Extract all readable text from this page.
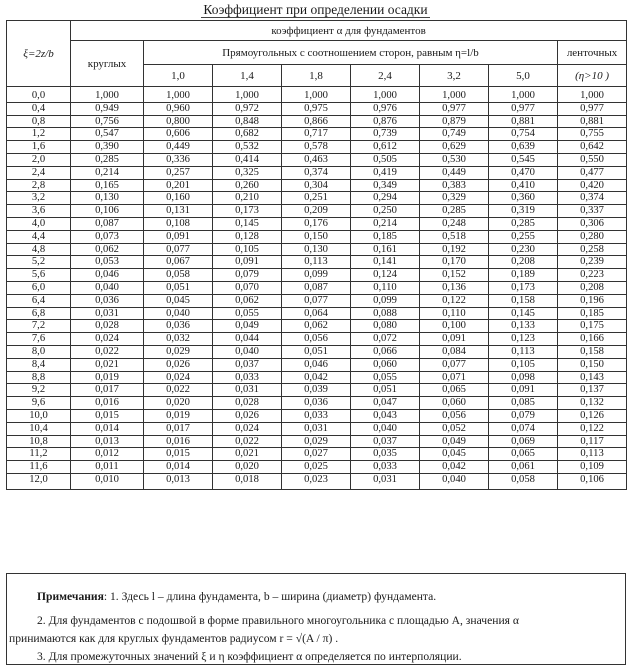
Коэффициент при определении осадки
ξ=2z/b	коэффициент α для фундаментов							
	круглых	Прямоугольных с соотношением сторон, равным η=l/b						ленточных
		1,0	1,4	1,8	2,4	3,2	5,0	(η>10 )
0,0	1,000	1,000	1,000	1,000	1,000	1,000	1,000	1,000
0,4	0,949	0,960	0,972	0,975	0,976	0,977	0,977	0,977
0,8	0,756	0,800	0,848	0,866	0,876	0,879	0,881	0,881
1,2	0,547	0,606	0,682	0,717	0,739	0,749	0,754	0,755
1,6	0,390	0,449	0,532	0,578	0,612	0,629	0,639	0,642
2,0	0,285	0,336	0,414	0,463	0,505	0,530	0,545	0,550
2,4	0,214	0,257	0,325	0,374	0,419	0,449	0,470	0,477
2,8	0,165	0,201	0,260	0,304	0,349	0,383	0,410	0,420
3,2	0,130	0,160	0,210	0,251	0,294	0,329	0,360	0,374
3,6	0,106	0,131	0,173	0,209	0,250	0,285	0,319	0,337
4,0	0,087	0,108	0,145	0,176	0,214	0,248	0,285	0,306
4,4	0,073	0,091	0,128	0,150	0,185	0,518	0,255	0,280
4,8	0,062	0,077	0,105	0,130	0,161	0,192	0,230	0,258
5,2	0,053	0,067	0,091	0,113	0,141	0,170	0,208	0,239
5,6	0,046	0,058	0,079	0,099	0,124	0,152	0,189	0,223
6,0	0,040	0,051	0,070	0,087	0,110	0,136	0,173	0,208
6,4	0,036	0,045	0,062	0,077	0,099	0,122	0,158	0,196
6,8	0,031	0,040	0,055	0,064	0,088	0,110	0,145	0,185
7,2	0,028	0,036	0,049	0,062	0,080	0,100	0,133	0,175
7,6	0,024	0,032	0,044	0,056	0,072	0,091	0,123	0,166
8,0	0,022	0,029	0,040	0,051	0,066	0,084	0,113	0,158
8,4	0,021	0,026	0,037	0,046	0,060	0,077	0,105	0,150
8,8	0,019	0,024	0,033	0,042	0,055	0,071	0,098	0,143
9,2	0,017	0,022	0,031	0,039	0,051	0,065	0,091	0,137
9,6	0,016	0,020	0,028	0,036	0,047	0,060	0,085	0,132
10,0	0,015	0,019	0,026	0,033	0,043	0,056	0,079	0,126
10,4	0,014	0,017	0,024	0,031	0,040	0,052	0,074	0,122
10,8	0,013	0,016	0,022	0,029	0,037	0,049	0,069	0,117
11,2	0,012	0,015	0,021	0,027	0,035	0,045	0,065	0,113
11,6	0,011	0,014	0,020	0,025	0,033	0,042	0,061	0,109
12,0	0,010	0,013	0,018	0,023	0,031	0,040	0,058	0,106
Примечания: 1. Здесь l – длина фундамента, b – ширина (диаметр) фундамента.
2. Для фундаментов с подошвой в форме правильного многоугольника с площадью A, значения α
принимаются как для круглых фундаментов радиусом r = √(A / π) .
3. Для промежуточных значений ξ и η коэффициент α определяется по интерполяции.
